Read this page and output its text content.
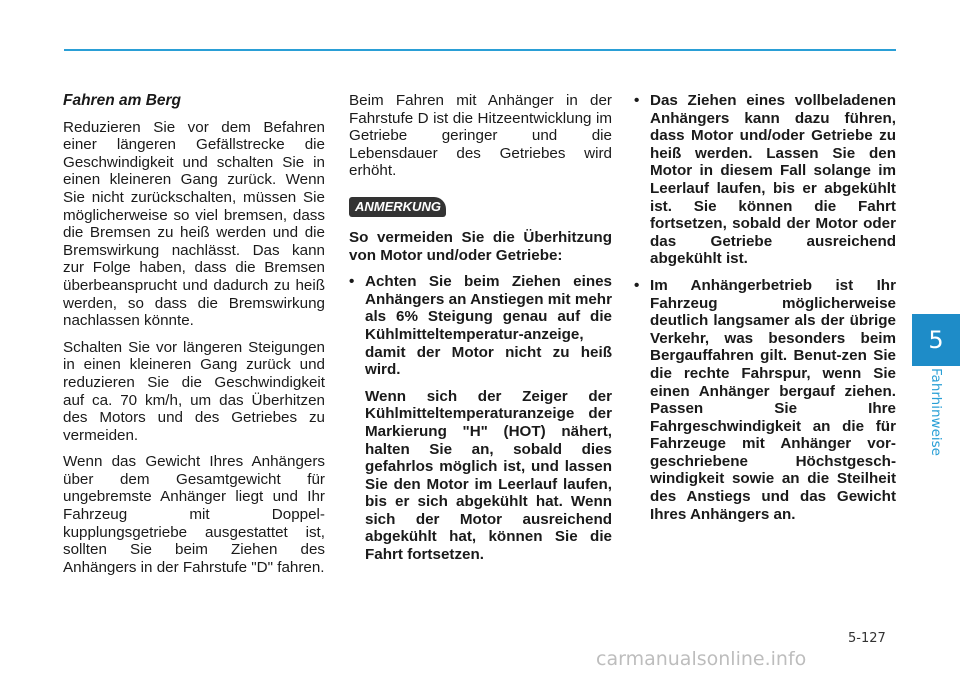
Fahren am Berg

Reduzieren Sie vor dem Befahren einer längeren Gefällstrecke die Geschwindigkeit und schalten Sie in einen kleineren Gang zurück. Wenn Sie nicht zurückschalten, müssen Sie möglicherweise so viel bremsen, dass die Bremsen zu heiß werden und die Bremswirkung nachlässt. Das kann zur Folge haben, dass die Bremsen überbeansprucht und dadurch zu heiß werden, so dass die Bremswirkung nachlassen könnte.

Schalten Sie vor längeren Steigungen in einen kleineren Gang zurück und reduzieren Sie die Geschwindigkeit auf ca. 70 km/h, um das Überhitzen des Motors und des Getriebes zu vermeiden.

Wenn das Gewicht Ihres Anhängers über dem Gesamtgewicht für ungebremste Anhänger liegt und Ihr Fahrzeug mit Doppel-kupplungsgetriebe ausgestattet ist, sollten Sie beim Ziehen des Anhängers in der Fahrstufe "D" fahren.

Beim Fahren mit Anhänger in der Fahrstufe D ist die Hitzeentwicklung im Getriebe geringer und die Lebensdauer des Getriebes wird erhöht.

ANMERKUNG

So vermeiden Sie die Überhitzung von Motor und/oder Getriebe:

• Achten Sie beim Ziehen eines Anhängers an Anstiegen mit mehr als 6% Steigung genau auf die Kühlmitteltemperatur-anzeige, damit der Motor nicht zu heiß wird.

Wenn sich der Zeiger der Kühlmitteltemperaturanzeige der Markierung "H" (HOT) nähert, halten Sie an, sobald dies gefahrlos möglich ist, und lassen Sie den Motor im Leerlauf laufen, bis er sich abgekühlt hat. Wenn sich der Motor ausreichend abgekühlt hat, können Sie die Fahrt fortsetzen.

• Das Ziehen eines vollbeladenen Anhängers kann dazu führen, dass Motor und/oder Getriebe zu heiß werden. Lassen Sie den Motor in diesem Fall solange im Leerlauf laufen, bis er abgekühlt ist. Sie können die Fahrt fortsetzen, sobald der Motor oder das Getriebe ausreichend abgekühlt ist.
• Im Anhängerbetrieb ist Ihr Fahrzeug möglicherweise deutlich langsamer als der übrige Verkehr, was besonders beim Bergauffahren gilt. Benut-zen Sie die rechte Fahrspur, wenn Sie einen Anhänger bergauf ziehen. Passen Sie Ihre Fahrgeschwindigkeit an die für Fahrzeuge mit Anhänger vor-geschriebene Höchstgesch-windigkeit sowie an die Steilheit des Anstiegs und das Gewicht Ihres Anhängers an.
5
Fahrhinweise
5-127
carmanualsonline.info
